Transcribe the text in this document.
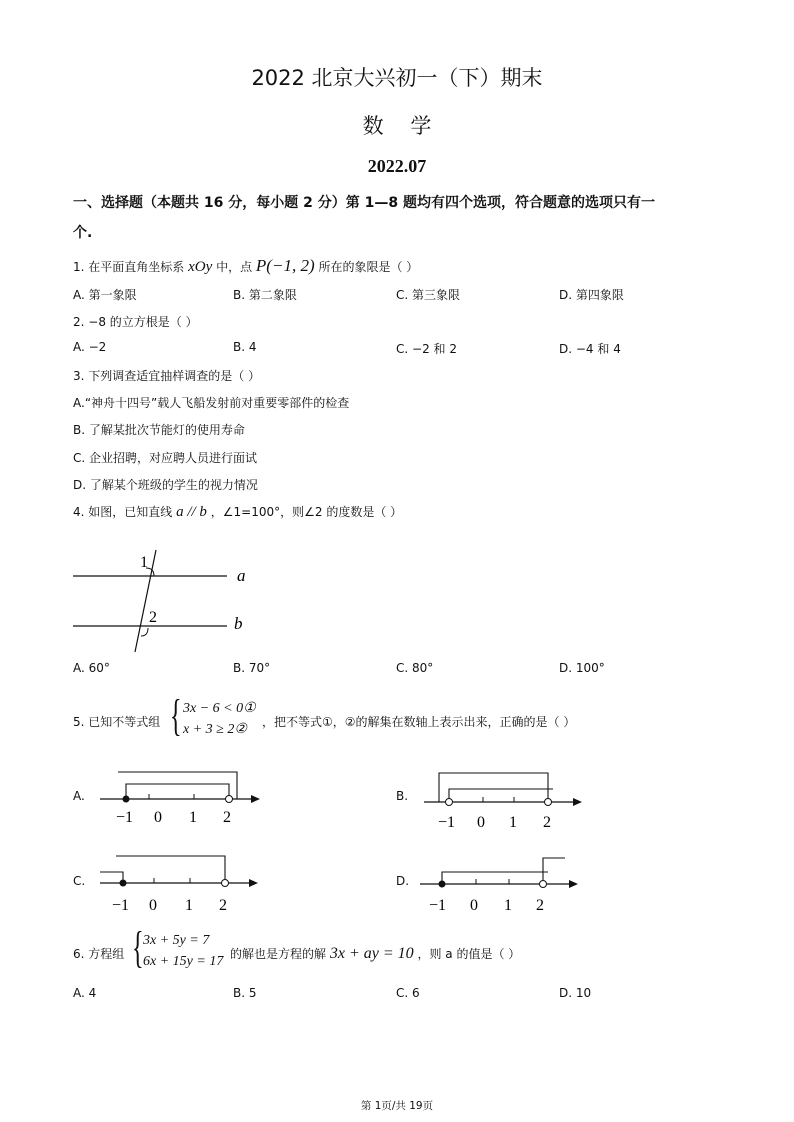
2022 北京大兴初一（下）期末
数    学
2022.07
一、选择题（本题共 16 分，每小题 2 分）第 1—8 题均有四个选项，符合题意的选项只有一
个.
1. 在平面直角坐标系 xOy 中，点 P(−1, 2) 所在的象限是（ ）
A. 第一象限	B. 第二象限	C. 第三象限	D. 第四象限
2. −8 的立方根是（ ）
A. −2	B. 4	C. −2 和 2	D. −4 和 4
3. 下列调查适宜抽样调查的是（ ）
A.“神舟十四号”载人飞船发射前对重要零部件的检查
B. 了解某批次节能灯的使用寿命
C. 企业招聘，对应聘人员进行面试
D. 了解某个班级的学生的视力情况
4. 如图，已知直线 a // b ，∠1=100°，则∠2 的度数是（ ）
1
2
a
b
A. 60°	B. 70°	C. 80°	D. 100°
5. 已知不等式组 { 3x − 6 < 0①
x + 3 ≥ 2②	，把不等式①，②的解集在数轴上表示出来，正确的是（ ）
A.
−1 0 1 2
B.
−1 0 1 2
C.
−1 0 1 2
D.
−1 0 1 2
6. 方程组 { 3x + 5y = 7
6x + 15y = 17 的解也是方程的解 3x + ay = 10 ，则 a 的值是（ ）
A. 4	B. 5	C. 6	D. 10
第 1页/共 19页
